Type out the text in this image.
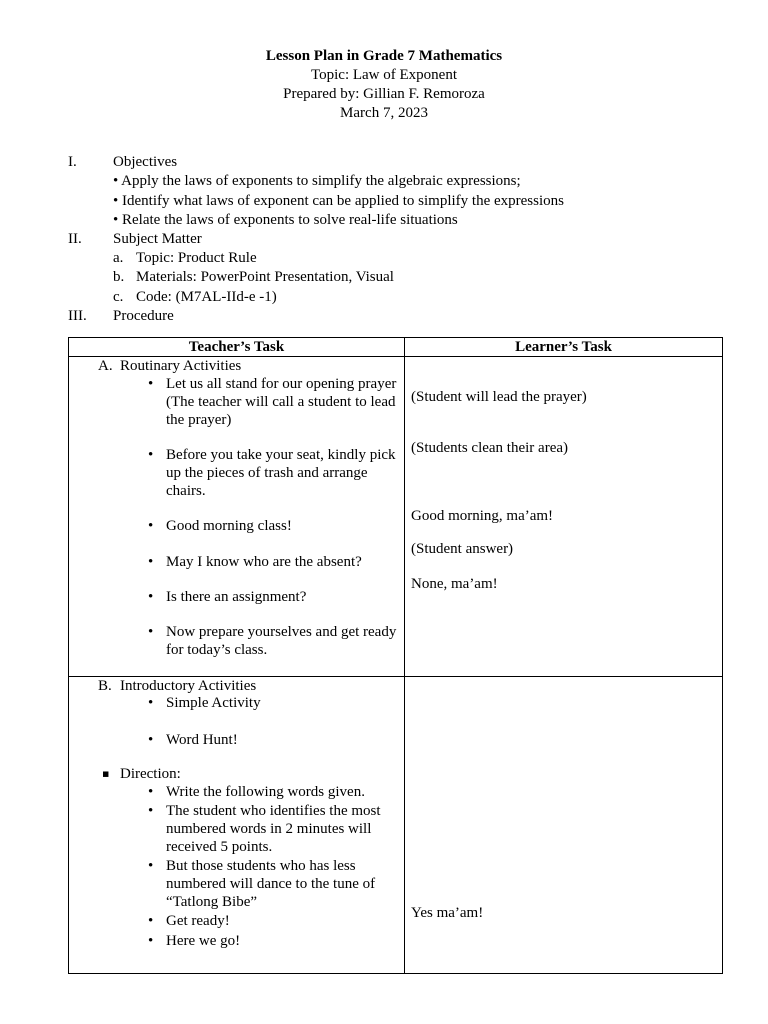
Lesson Plan in Grade 7 Mathematics
Topic: Law of Exponent
Prepared by: Gillian F. Remoroza
March 7, 2023
I. Objectives
• Apply the laws of exponents to simplify the algebraic expressions;
• Identify what laws of exponent can be applied to simplify the expressions
• Relate the laws of exponents to solve real-life situations
II. Subject Matter
a. Topic: Product Rule
b. Materials: PowerPoint Presentation, Visual
c. Code: (M7AL-IId-e -1)
III. Procedure
Teacher’s Task	Learner’s Task
A. Routinary Activities
• Let us all stand for our opening prayer
(The teacher will call a student to lead
the prayer)
• Before you take your seat, kindly pick
up the pieces of trash and arrange
chairs.
• Good morning class!
• May I know who are the absent?
• Is there an assignment?
• Now prepare yourselves and get ready
for today’s class.
(Student will lead the prayer)
(Students clean their area)
Good morning, ma’am!
(Student answer)
None, ma’am!
B. Introductory Activities
• Simple Activity
• Word Hunt!
▪ Direction:
• Write the following words given.
• The student who identifies the most
numbered words in 2 minutes will
received 5 points.
• But those students who has less
numbered will dance to the tune of
“Tatlong Bibe”
• Get ready!
• Here we go!
Yes ma’am!
